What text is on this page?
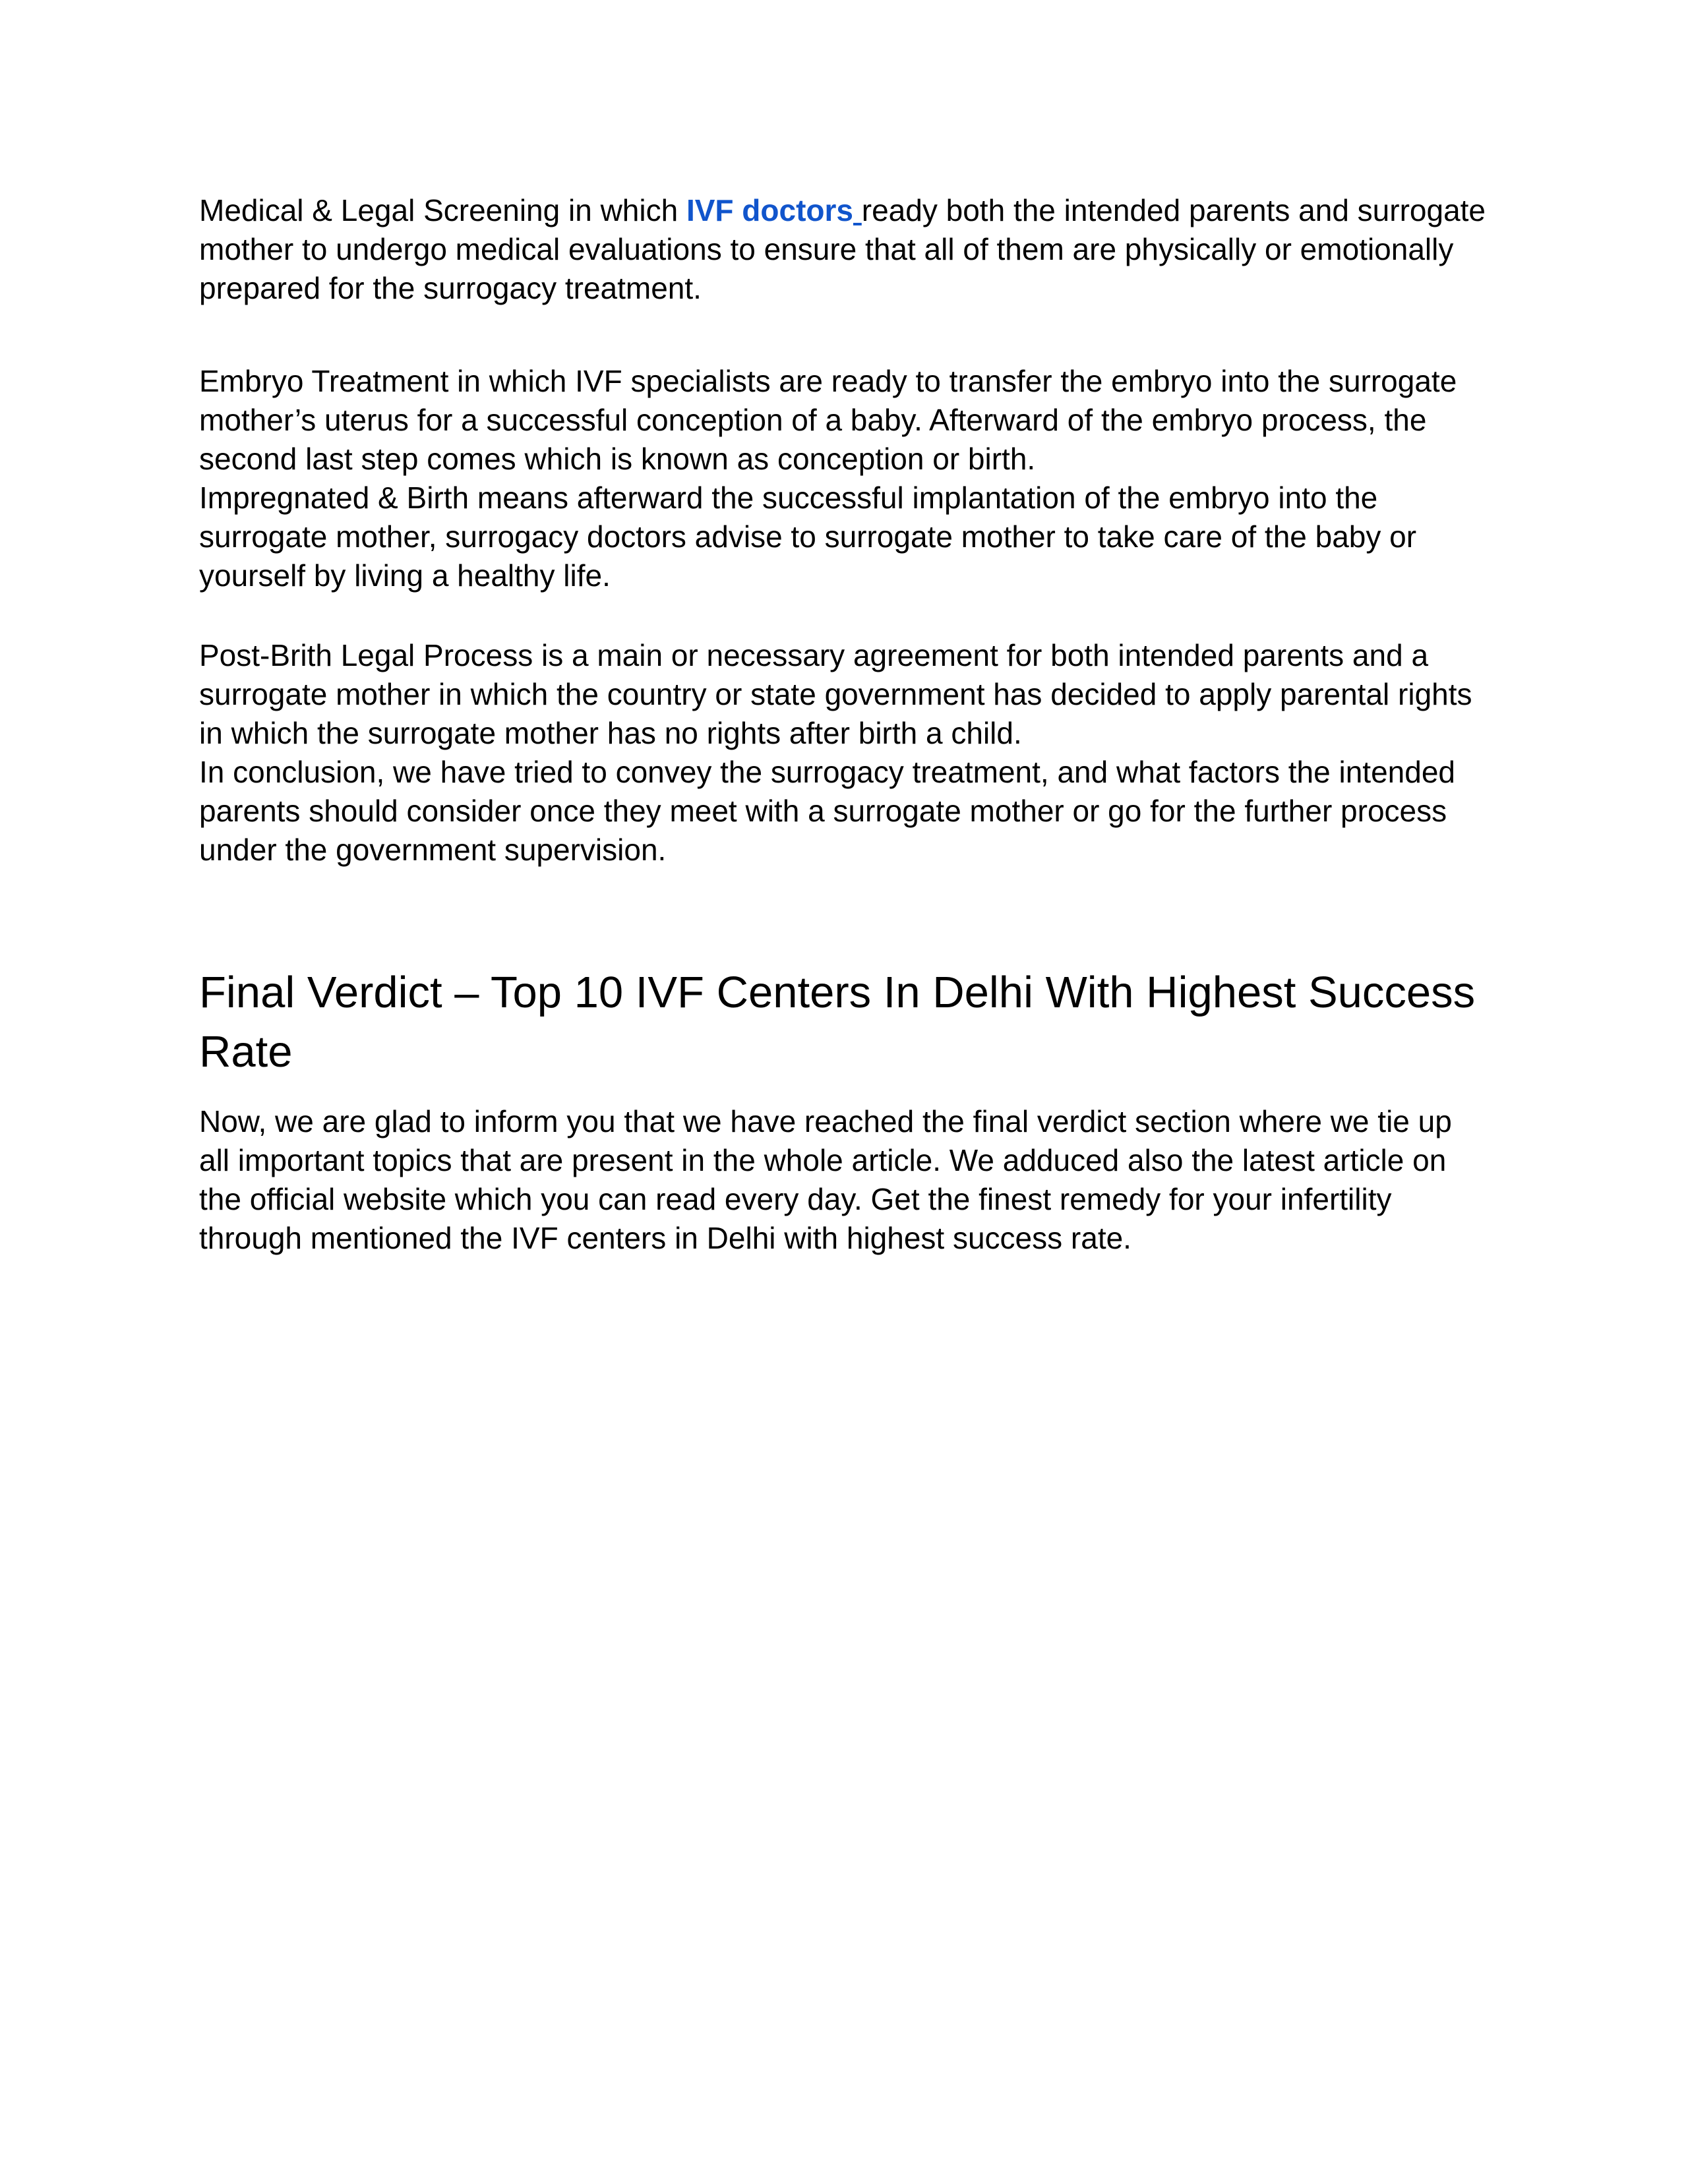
Medical & Legal Screening in which IVF doctors ready both the intended parents and surrogate mother to undergo medical evaluations to ensure that all of them are physically or emotionally prepared for the surrogacy treatment.

Embryo Treatment in which IVF specialists are ready to transfer the embryo into the surrogate mother’s uterus for a successful conception of a baby. Afterward of the embryo process, the second last step comes which is known as conception or birth.

Impregnated & Birth means afterward the successful implantation of the embryo into the surrogate mother, surrogacy doctors advise to surrogate mother to take care of the baby or yourself by living a healthy life.

Post-Brith Legal Process is a main or necessary agreement for both intended parents and a surrogate mother in which the country or state government has decided to apply parental rights in which the surrogate mother has no rights after birth a child.

In conclusion, we have tried to convey the surrogacy treatment, and what factors the intended parents should consider once they meet with a surrogate mother or go for the further process under the government supervision.

Final Verdict – Top 10 IVF Centers In Delhi With Highest Success Rate

Now, we are glad to inform you that we have reached the final verdict section where we tie up all important topics that are present in the whole article. We adduced also the latest article on the official website which you can read every day. Get the finest remedy for your infertility through mentioned the IVF centers in Delhi with highest success rate.
